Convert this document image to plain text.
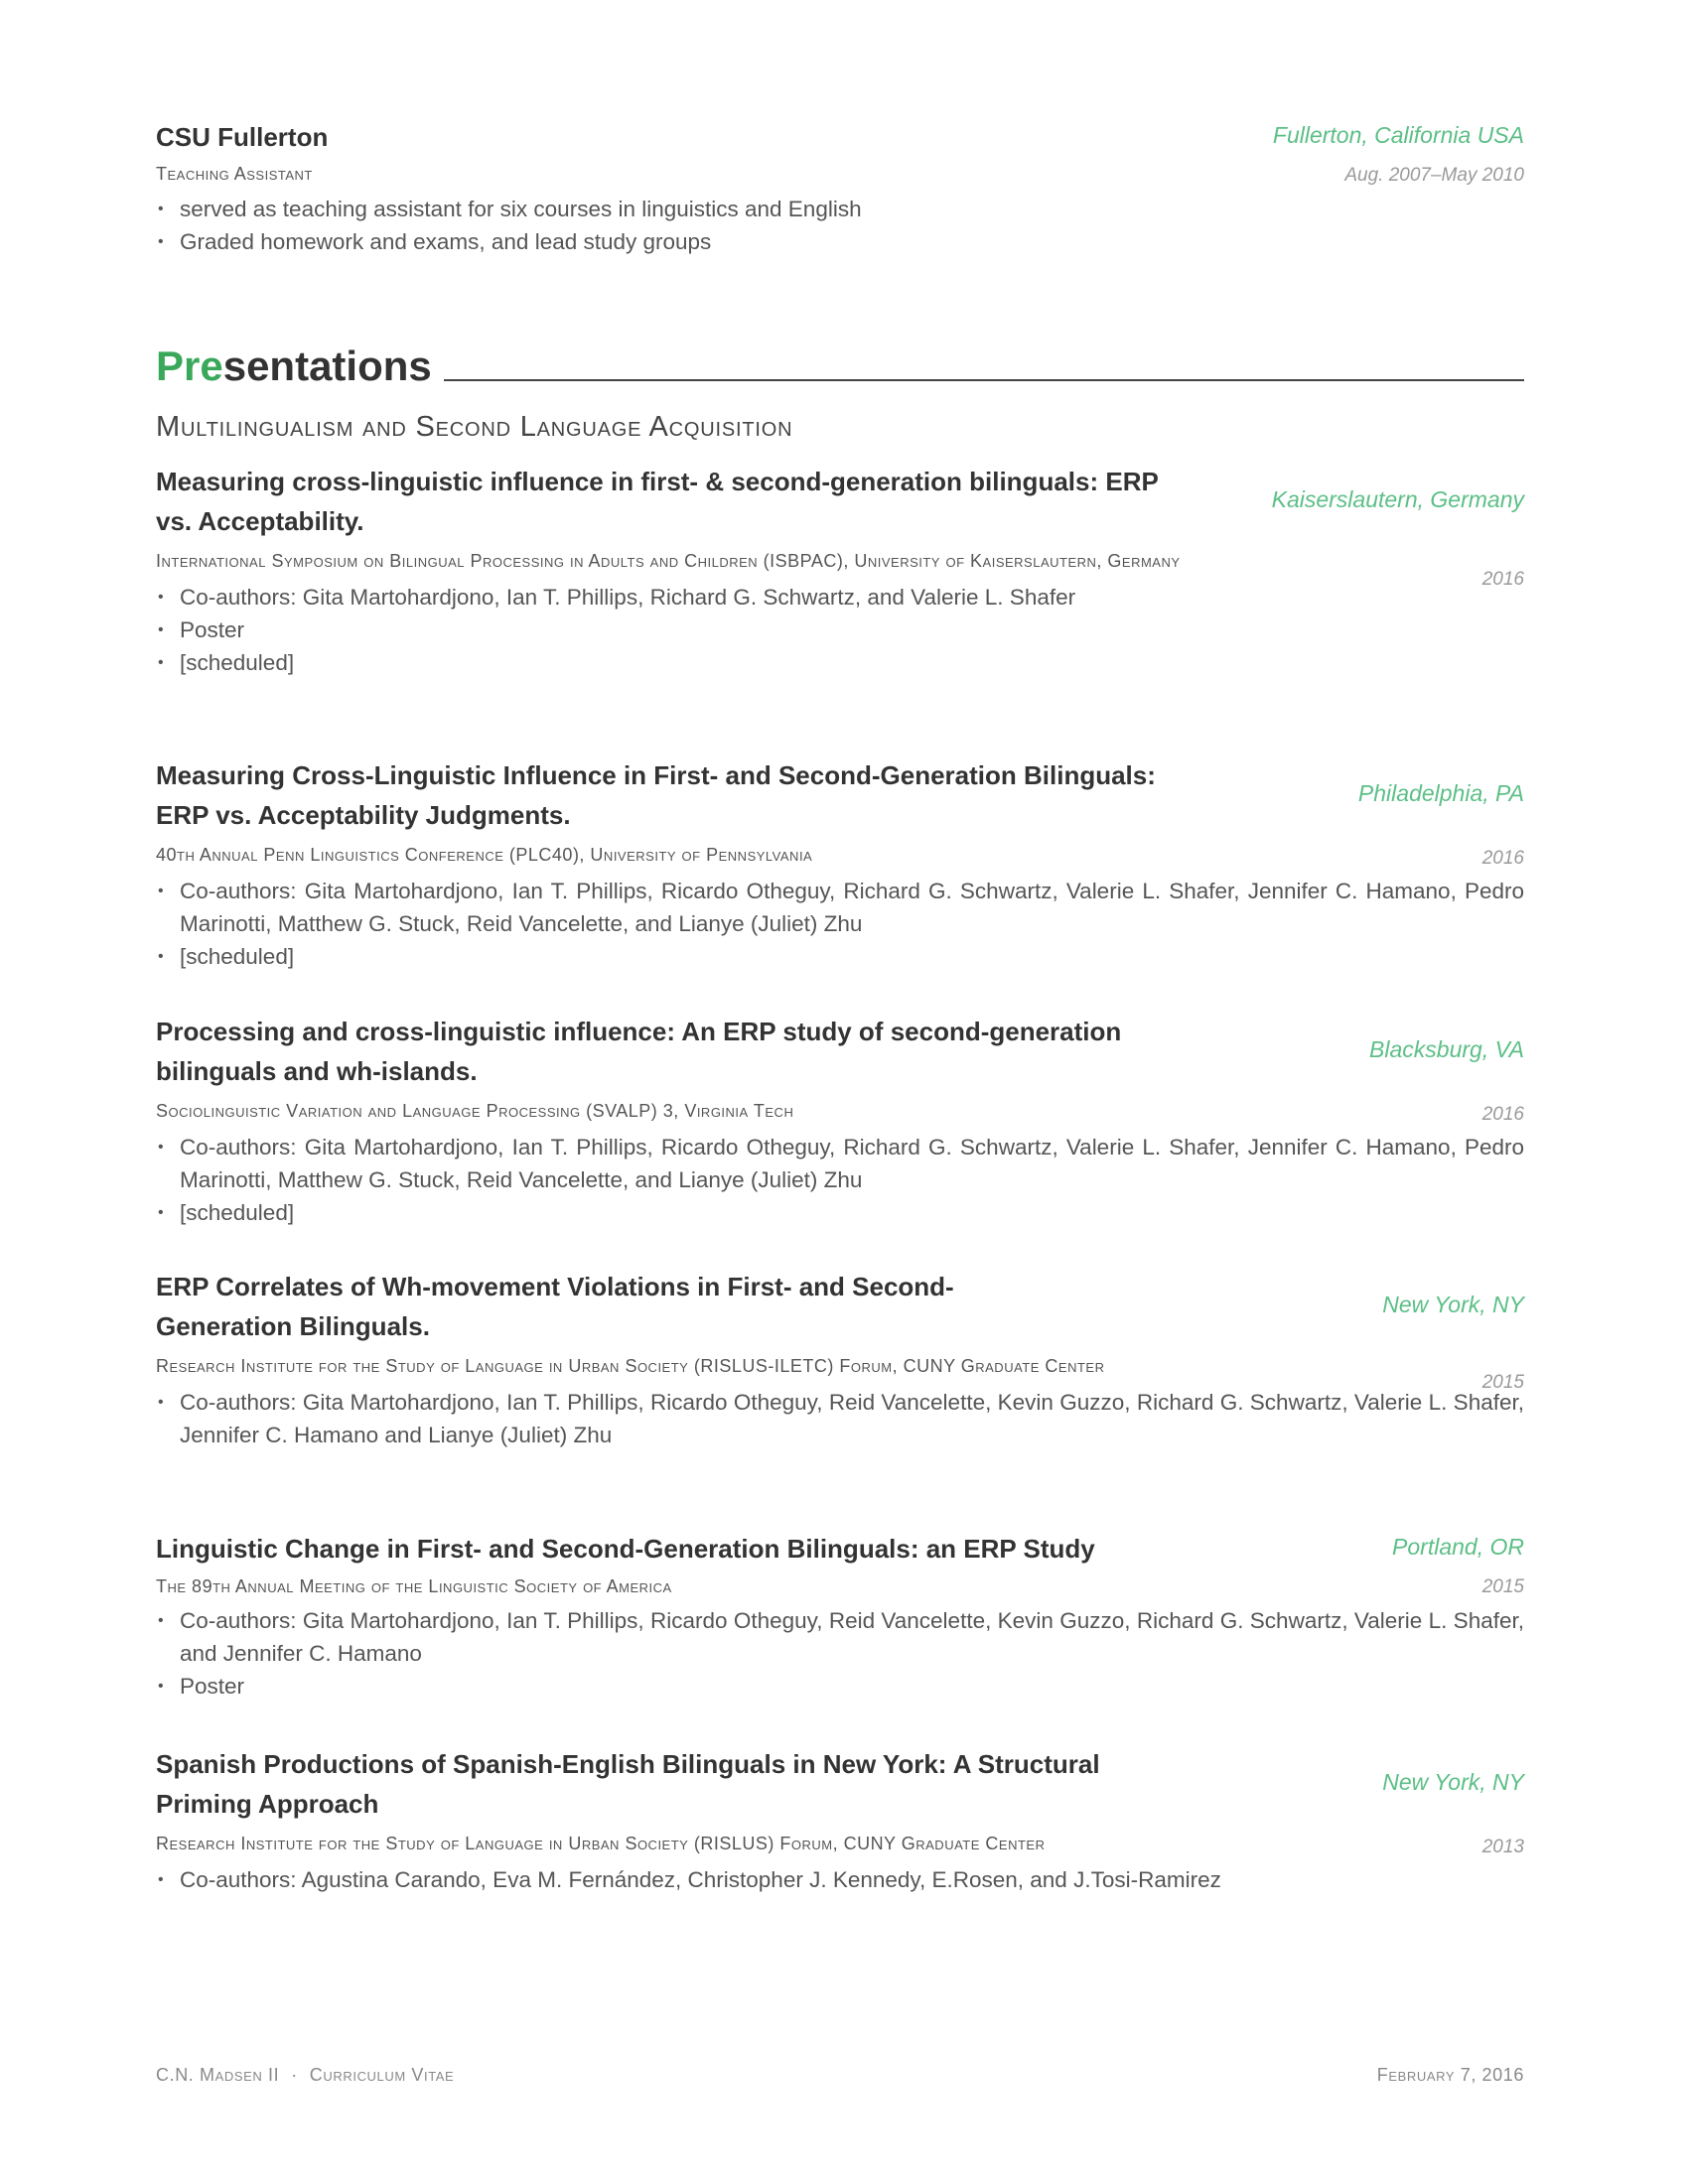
CSU Fullerton	Fullerton, California USA
Teaching Assistant	Aug. 2007–May 2010
• served as teaching assistant for six courses in linguistics and English
• Graded homework and exams, and lead study groups
Presentations
Multilingualism and Second Language Acquisition
Measuring cross-linguistic influence in first- & second-generation bilinguals: ERP vs. Acceptability.
Kaiserslautern, Germany
International Symposium on Bilingual Processing in Adults and Children (ISBPAC), University of Kaiserslautern, Germany
2016
• Co-authors: Gita Martohardjono, Ian T. Phillips, Richard G. Schwartz, and Valerie L. Shafer
• Poster
• [scheduled]
Measuring Cross-Linguistic Influence in First- and Second-Generation Bilinguals: ERP vs. Acceptability Judgments.
Philadelphia, PA
40th Annual Penn Linguistics Conference (PLC40), University of Pennsylvania	2016
• Co-authors: Gita Martohardjono, Ian T. Phillips, Ricardo Otheguy, Richard G. Schwartz, Valerie L. Shafer, Jennifer C. Hamano, Pedro Marinotti, Matthew G. Stuck, Reid Vancelette, and Lianye (Juliet) Zhu
• [scheduled]
Processing and cross-linguistic influence: An ERP study of second-generation bilinguals and wh-islands.
Blacksburg, VA
Sociolinguistic Variation and Language Processing (SVALP) 3, Virginia Tech	2016
• Co-authors: Gita Martohardjono, Ian T. Phillips, Ricardo Otheguy, Richard G. Schwartz, Valerie L. Shafer, Jennifer C. Hamano, Pedro Marinotti, Matthew G. Stuck, Reid Vancelette, and Lianye (Juliet) Zhu
• [scheduled]
ERP Correlates of Wh-movement Violations in First- and Second-Generation Bilinguals.
New York, NY
Research Institute for the Study of Language in Urban Society (RISLUS-ILETC) Forum, CUNY Graduate Center
2015
• Co-authors: Gita Martohardjono, Ian T. Phillips, Ricardo Otheguy, Reid Vancelette, Kevin Guzzo, Richard G. Schwartz, Valerie L. Shafer, Jennifer C. Hamano and Lianye (Juliet) Zhu
Linguistic Change in First- and Second-Generation Bilinguals: an ERP Study	Portland, OR
The 89th Annual Meeting of the Linguistic Society of America	2015
• Co-authors: Gita Martohardjono, Ian T. Phillips, Ricardo Otheguy, Reid Vancelette, Kevin Guzzo, Richard G. Schwartz, Valerie L. Shafer, and Jennifer C. Hamano
• Poster
Spanish Productions of Spanish-English Bilinguals in New York: A Structural Priming Approach
New York, NY
Research Institute for the Study of Language in Urban Society (RISLUS) Forum, CUNY Graduate Center	2013
• Co-authors: Agustina Carando, Eva M. Fernández, Christopher J. Kennedy, E.Rosen, and J.Tosi-Ramirez
C.N. Madsen II · Curriculum Vitae	February 7, 2016
